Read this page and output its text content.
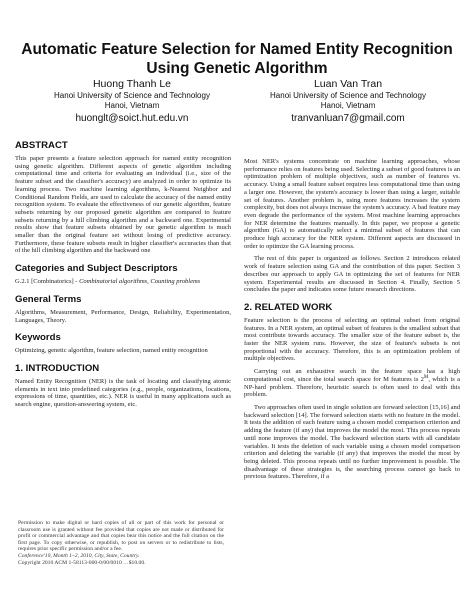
Automatic Feature Selection for Named Entity Recognition Using Genetic Algorithm
Huong Thanh Le
Hanoi University of Science and Technology
Hanoi, Vietnam
huonglt@soict.hut.edu.vn
Luan Van Tran
Hanoi University of Science and Technology
Hanoi, Vietnam
tranvanluan7@gmail.com
ABSTRACT

This paper presents a feature selection approach for named entity recognition using genetic algorithm. Different aspects of genetic algorithm including computational time and criteria for evaluating an individual (i.e., size of the feature subset and the classifier's accuracy) are analyzed in order to optimize its learning process. Two machine learning algorithms, k-Nearest Neighbor and Conditional Random Fields, are used to calculate the accuracy of the named entity recognition system. To evaluate the effectiveness of our genetic algorithm, feature subsets returning by our proposed genetic algorithm are compared to feature subsets returning by a hill climbing algorithm and a backward one. Experimental results show that feature subsets obtained by our genetic algorithm is much smaller than the original feature set without losing of predictive accuracy. Furthermore, these feature subsets result in higher classifier's accuracies than that of the hill climbing algorithm and the backward one

Categories and Subject Descriptors

G.2.1 [Combinatorics] - Combinatorial algorithms, Counting problems

General Terms

Algorithms, Measurement, Performance, Design, Reliability, Experimentation, Languages, Theory.

Keywords

Optimizing, genetic algorithm, feature selection, named entity recognition

1. INTRODUCTION

Named Entity Recognition (NER) is the task of locating and classifying atomic elements in text into predefined categories (e.g., people, organizations, locations, expressions of time, quantities, etc.). NER is useful in many applications such as search engine, question-answering system, etc.

Permission to make digital or hard copies of all or part of this work for personal or classroom use is granted without fee provided that copies are not made or distributed for profit or commercial advantage and that copies bear this notice and the full citation on the first page. To copy otherwise, or republish, to post on servers or to redistribute to lists, requires prior specific permission and/or a fee.

Conference'10, Month 1–2, 2010, City, State, Country.

Copyright 2010 ACM 1-58113-000-0/00/0010 …$10.00.

Most NER's systems concentrate on machine learning approaches, whose performance relies on features being used. Selecting a subset of good features is an optimization problem of multiple objectives, such as number of features vs. accuracy. Using a small feature subset requires less computational time than using a larger one. However, the system's accuracy is lower than using a larger, suitable set of features. Another problem is, using more features increases the system complexity, but does not always increase the system's accuracy. A bad feature may even degrade the performance of the system. Most machine learning approaches for NER determine the features manually. In this paper, we propose a genetic algorithm (GA) to automatically select a minimal subset of features that can produce high accuracy for the NER system. Different aspects are discussed in order to optimize the GA learning process.

The rest of this paper is organized as follows. Section 2 introduces related work of feature selection using GA and the contribution of this paper. Section 3 describes our approach to apply GA in optimizing the set of features for NER system. Experimental results are discussed in Section 4. Finally, Section 5 concludes the paper and indicates some future research directions.

2. RELATED WORK

Feature selection is the process of selecting an optimal subset from original features. In a NER system, an optimal subset of features is the smallest subset that most contribute towards accuracy. The smaller size of the feature subset is, the faster the NER system runs. However, the size of feature's subsets is not proportional with the accuracy. Therefore, this is an optimization problem of multiple objectives.

Carrying out an exhaustive search in the feature space has a high computational cost, since the total search space for M features is $2^M$, which is a NP-hard problem. Therefore, heuristic search is often used to deal with this problem.

Two approaches often used in single solution are forward selection [15,16] and backward selection [14]. The forward selection starts with no feature in the model. It tests the addition of each feature using a chosen model comparison criterion and adding the feature (if any) that improves the model the most. This process repeats until none improves the model. The backward selection starts with all candidate variables. It tests the deletion of each variable using a chosen model comparison criterion and deleting the variable (if any) that improves the model the most by being deleted. This process repeats until no further improvement is possible. The disadvantage of these strategies is, the searching process cannot go back to previous features. Therefore, if a
